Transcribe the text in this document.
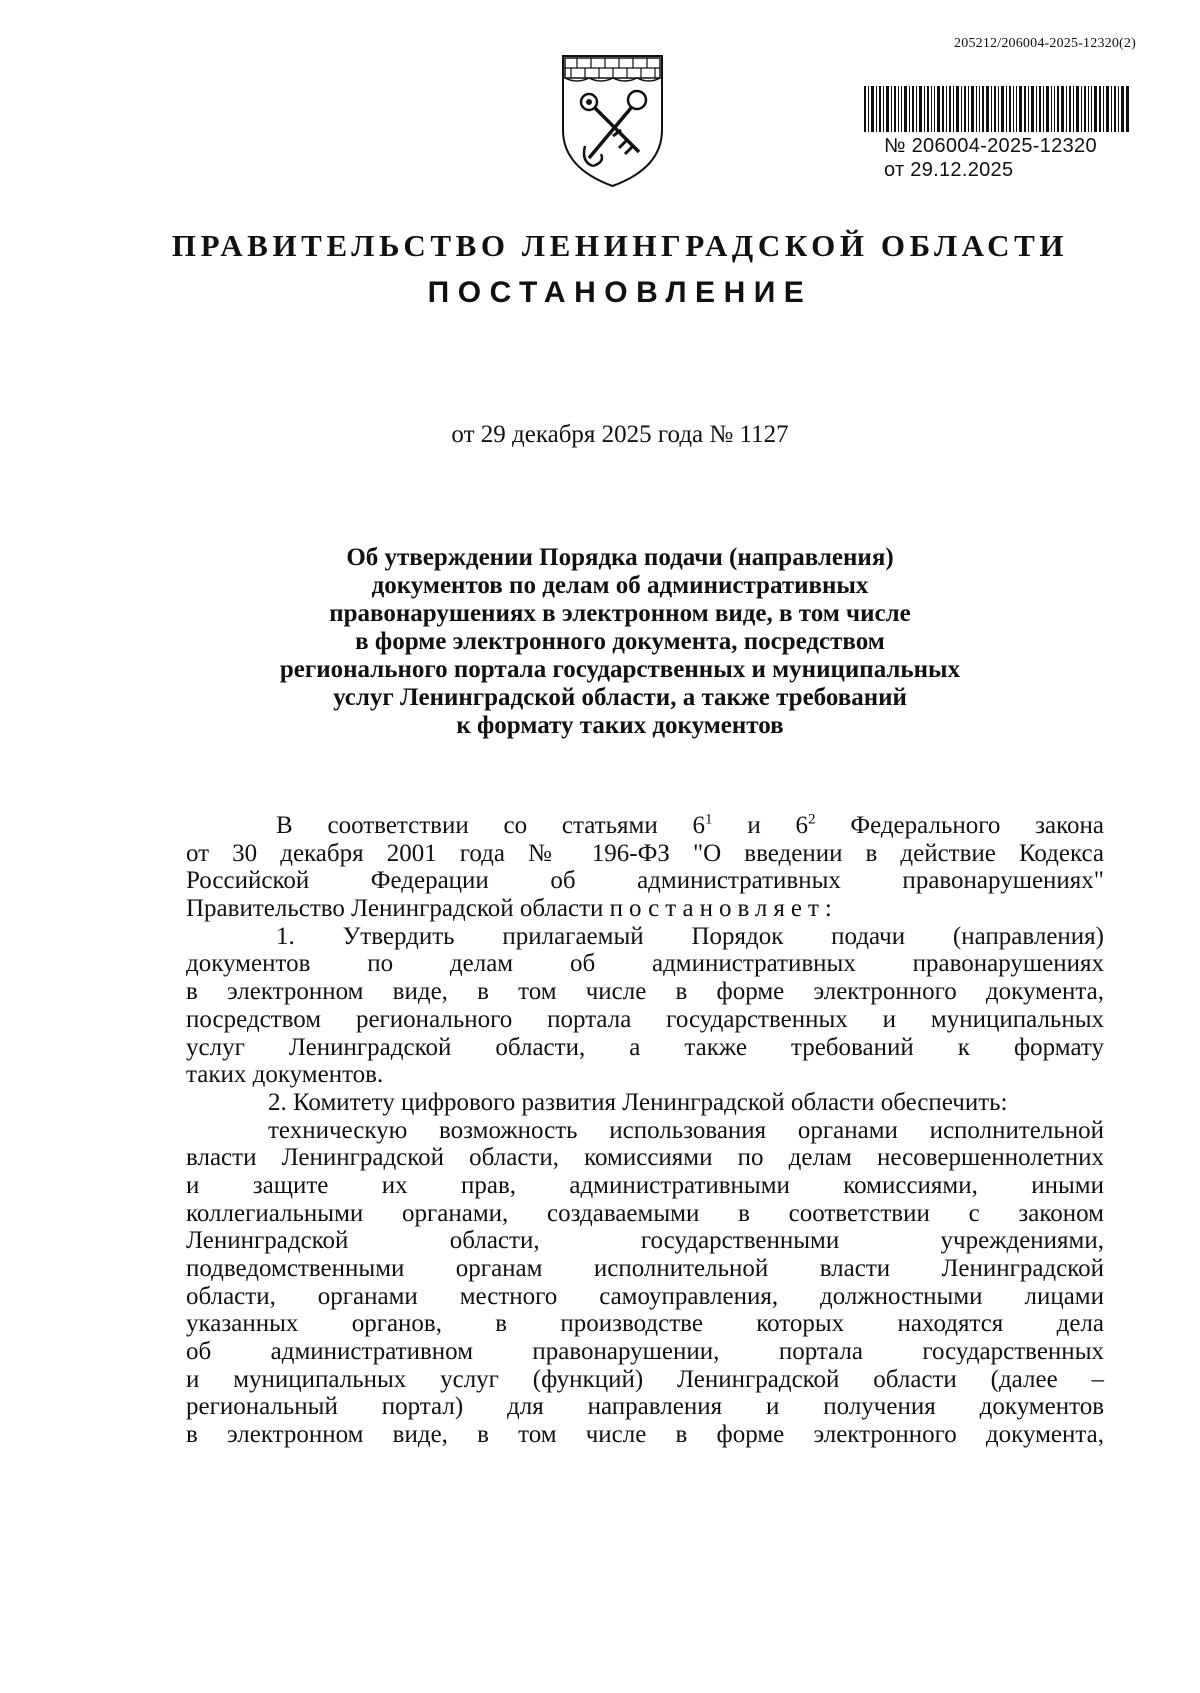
205212/206004-2025-12320(2)
№ 206004-2025-12320
от 29.12.2025
ПРАВИТЕЛЬСТВО ЛЕНИНГРАДСКОЙ ОБЛАСТИ
ПОСТАНОВЛЕНИЕ
от 29 декабря 2025 года № 1127
Об утверждении Порядка подачи (направления)
документов по делам об административных
правонарушениях в электронном виде, в том числе
в форме электронного документа, посредством
регионального портала государственных и муниципальных
услуг Ленинградской области, а также требований
к формату таких документов
В соответствии со статьями $6^1$ и $6^2$ Федерального закона
от 30 декабря 2001 года № 196-ФЗ "О введении в действие Кодекса
Российской Федерации об административных правонарушениях"
Правительство Ленинградской области постановляет:
1. Утвердить прилагаемый Порядок подачи (направления)
документов по делам об административных правонарушениях
в электронном виде, в том числе в форме электронного документа,
посредством регионального портала государственных и муниципальных
услуг Ленинградской области, а также требований к формату
таких документов.
2. Комитету цифрового развития Ленинградской области обеспечить:
техническую возможность использования органами исполнительной
власти Ленинградской области, комиссиями по делам несовершеннолетних
и защите их прав, административными комиссиями, иными
коллегиальными органами, создаваемыми в соответствии с законом
Ленинградской области, государственными учреждениями,
подведомственными органам исполнительной власти Ленинградской
области, органами местного самоуправления, должностными лицами
указанных органов, в производстве которых находятся дела
об административном правонарушении, портала государственных
и муниципальных услуг (функций) Ленинградской области (далее –
региональный портал) для направления и получения документов
в электронном виде, в том числе в форме электронного документа,
